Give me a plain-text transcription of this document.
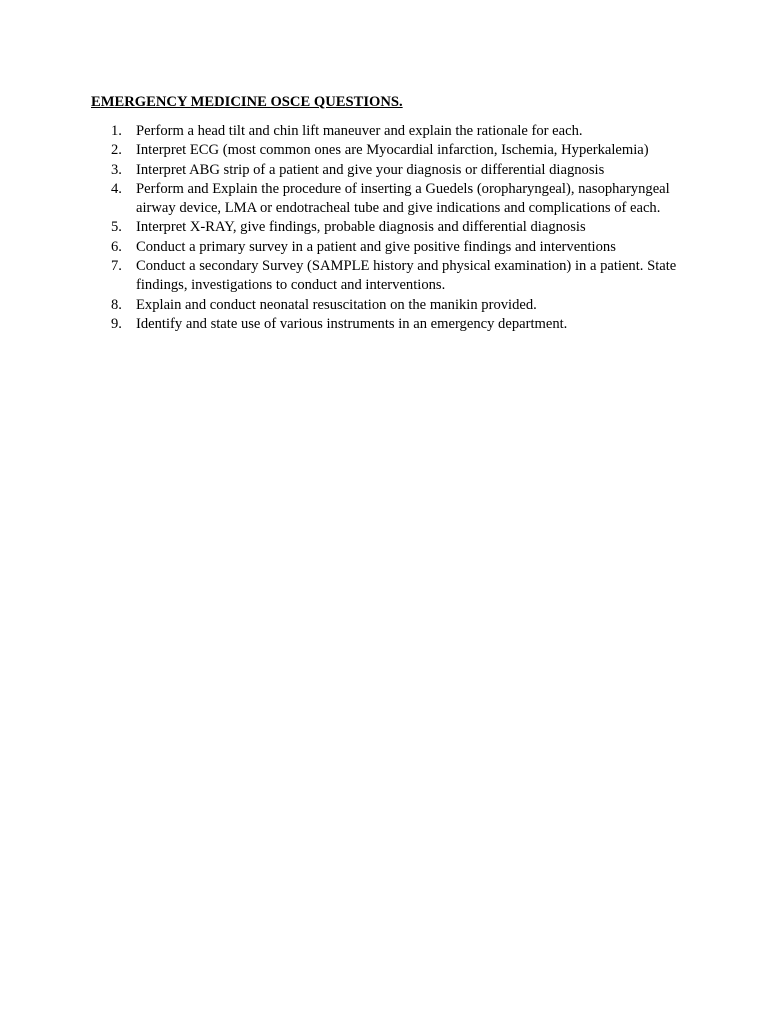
EMERGENCY MEDICINE OSCE QUESTIONS.
1. Perform a head tilt and chin lift maneuver and explain the rationale for each.
2. Interpret ECG (most common ones are Myocardial infarction, Ischemia, Hyperkalemia)
3. Interpret ABG strip of a patient and give your diagnosis or differential diagnosis
4. Perform and Explain the procedure of inserting a Guedels (oropharyngeal), nasopharyngeal airway device, LMA or endotracheal tube and give indications and complications of each.
5. Interpret X-RAY, give findings, probable diagnosis and differential diagnosis
6. Conduct a primary survey in a patient and give positive findings and interventions
7. Conduct a secondary Survey (SAMPLE history and physical examination) in a patient. State findings, investigations to conduct and interventions.
8. Explain and conduct neonatal resuscitation on the manikin provided.
9. Identify and state use of various instruments in an emergency department.
